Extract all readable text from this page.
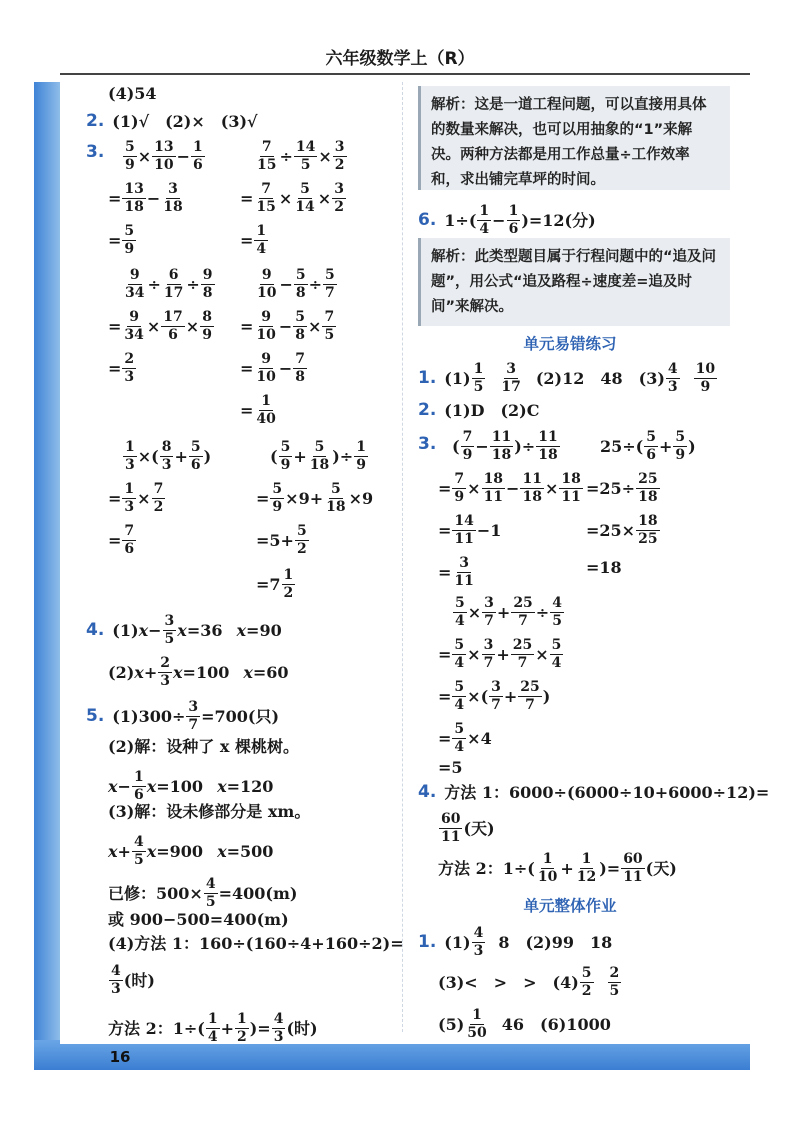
六年级数学上（R）
16
(4)54
2. (1)√　(2)×　(3)√
3. $\frac{5}{9} \times \frac{13}{10} - \frac{1}{6}$
= $\frac{13}{18} - \frac{3}{18}$
= $\frac{5}{9}$
$\frac{7}{15} \div \frac{14}{5} \times \frac{3}{2}$
= $\frac{7}{15} \times \frac{5}{14} \times \frac{3}{2}$
= $\frac{1}{4}$
$\frac{9}{34} \div \frac{6}{17} \div \frac{9}{8}$
= $\frac{9}{34} \times \frac{17}{6} \times \frac{8}{9}$
= $\frac{2}{3}$
$\frac{9}{10} - \frac{5}{8} \div \frac{5}{7}$
= $\frac{9}{10} - \frac{5}{8} \times \frac{7}{5}$
= $\frac{9}{10} - \frac{7}{8}$
= $\frac{1}{40}$
$\frac{1}{3}$ ×( $\frac{8}{3} + \frac{5}{6}$ )
= $\frac{1}{3} \times \frac{7}{2}$
= $\frac{7}{6}$
( $\frac{5}{9} + \frac{5}{18}$ )÷ $\frac{1}{9}$
= $\frac{5}{9} \times 9+ \frac{5}{18} \times 9$
$=5+ \frac{5}{2}$
$=7 \frac{1}{2}$
4. (1) $x - \frac{3}{5}$ x =36 x =90
(2) $x + \frac{2}{3}$ x =100 x =60
5. $(1)300\div \frac{3}{7} =700$(只)
(2)解：设种了 x 棵桃树。
$x - \frac{1}{6}$ x =100 x =120
(3)解：设未修部分是 xm。
$x + \frac{4}{5}$ x =900 x =500
已修：$500\times \frac{4}{5} =400(m)$
或 900−500=400(m)
(4)方法 1：160÷(160÷4+160÷2)=
$\frac{4}{3}$ (时)
方法 2：$1\div( \frac{1}{4} + \frac{1}{2}$ )= $\frac{4}{3}$ (时)
解析：这是一道工程问题，可以直接用具体的数量来解决，也可以用抽象的“1”来解决。两种方法都是用工作总量÷工作效率和，求出铺完草坪的时间。
6. $1\div( \frac{1}{4} - \frac{1}{6} )=12$(分)
解析：此类型题目属于行程问题中的“追及问题”，用公式“追及路程÷速度差=追及时间”来解决。
单元易错练习
1. $(1) \frac{1}{5} \frac{3}{17} (2)12$　48　$(3) \frac{4}{3} \frac{10}{9}$
2. (1)D　(2)C
3. ( $\frac{7}{9} - \frac{11}{18}$ )÷ $\frac{11}{18}$
= $\frac{7}{9} \times \frac{18}{11} - \frac{11}{18} \times \frac{18}{11}$
= $\frac{14}{11} -1$
= $\frac{3}{11}$
$25\div( \frac{5}{6} + \frac{5}{9}$ )
$=25\div \frac{25}{18}$
$=25\times \frac{18}{25}$
=18
$\frac{5}{4} \times \frac{3}{7} + \frac{25}{7} \div \frac{4}{5}$
= $\frac{5}{4} \times \frac{3}{7} + \frac{25}{7} \times \frac{5}{4}$
= $\frac{5}{4}$ ×( $\frac{3}{7} + \frac{25}{7}$ )
= $\frac{5}{4} \times 4$
=5
4. 方法 1：6000÷(6000÷10+6000÷12)=
$\frac{60}{11}$ (天)
方法 2：$1\div( \frac{1}{10} + \frac{1}{12}$ )= $\frac{60}{11}$ (天)
单元整体作业
1. $(1) \frac{4}{3} 8$　(2)99　18
(3)<　>　>　$(4) \frac{5}{2} \frac{2}{5}$
$(5) \frac{1}{50} 46$　(6)1000
